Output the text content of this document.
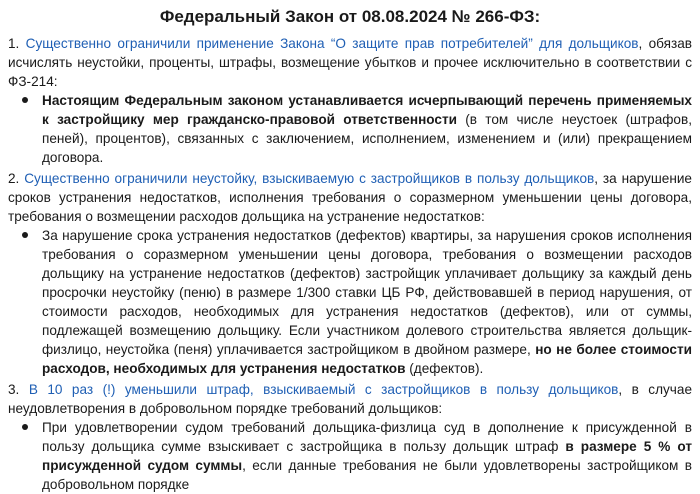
Федеральный Закон от 08.08.2024 № 266-ФЗ:

1. Существенно ограничили применение Закона “О защите прав потребителей” для дольщиков, обязав исчислять неустойки, проценты, штрафы, возмещение убытков и прочее исключительно в соответствии с ФЗ-214:

Настоящим Федеральным законом устанавливается исчерпывающий перечень применяемых к застройщику мер гражданско-правовой ответственности (в том числе неустоек (штрафов, пеней), процентов), связанных с заключением, исполнением, изменением и (или) прекращением договора.

2. Существенно ограничили неустойку, взыскиваемую с застройщиков в пользу дольщиков, за нарушение сроков устранения недостатков, исполнения требования о соразмерном уменьшении цены договора, требования о возмещении расходов дольщика на устранение недостатков:

За нарушение срока устранения недостатков (дефектов) квартиры, за нарушения сроков исполнения требования о соразмерном уменьшении цены договора, требования о возмещении расходов дольщику на устранение недостатков (дефектов) застройщик уплачивает дольщику за каждый день просрочки неустойку (пеню) в размере 1/300 ставки ЦБ РФ, действовавшей в период нарушения, от стоимости расходов, необходимых для устранения недостатков (дефектов), или от суммы, подлежащей возмещению дольщику. Если участником долевого строительства является дольщик-физлицо, неустойка (пеня) уплачивается застройщиком в двойном размере, но не более стоимости расходов, необходимых для устранения недостатков (дефектов).

3. В 10 раз (!) уменьшили штраф, взыскиваемый с застройщиков в пользу дольщиков, в случае неудовлетворения в добровольном порядке требований дольщиков:

При удовлетворении судом требований дольщика-физлица суд в дополнение к присужденной в пользу дольщика сумме взыскивает с застройщика в пользу дольщик штраф в размере 5 % от присужденной судом суммы, если данные требования не были удовлетворены застройщиком в добровольном порядке
